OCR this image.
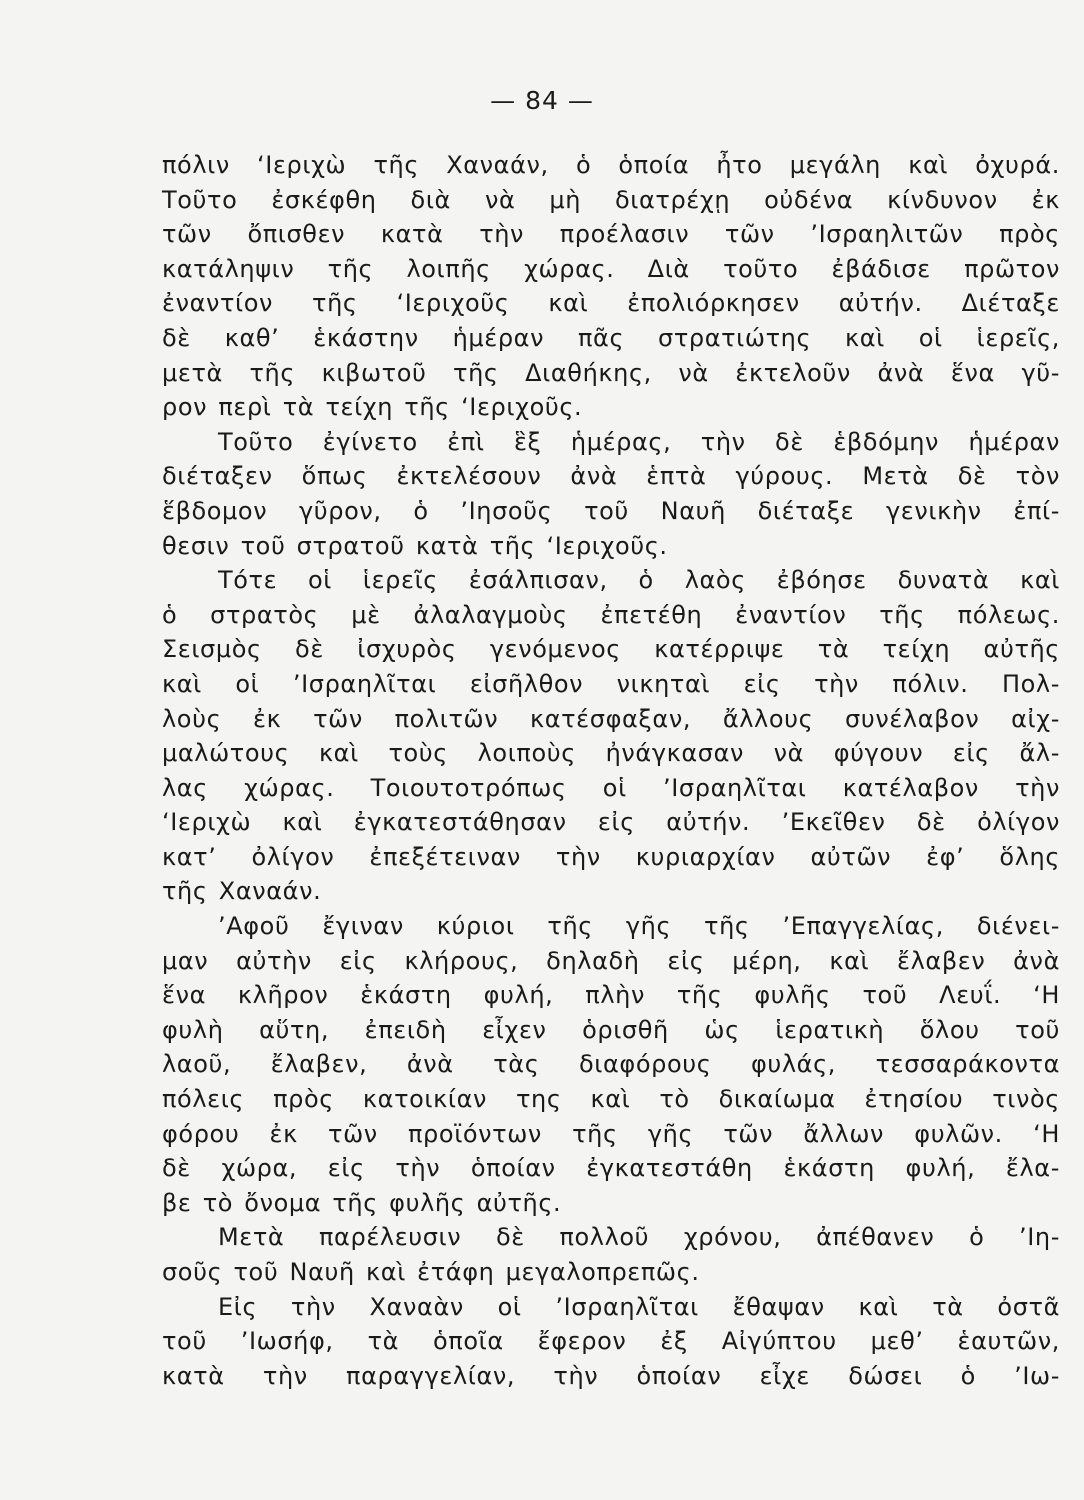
— 84 —

πόλιν ‘Ιεριχὼ τῆς Χαναάν, ὁ ὁποία ἦτο μεγάλη καὶ ὀχυρά.
Τοῦτο ἐσκέφθη διὰ νὰ μὴ διατρέχῃ οὐδένα κίνδυνον ἐκ
τῶν ὄπισθεν κατὰ τὴν προέλασιν τῶν ’Ισραηλιτῶν πρὸς
κατάληψιν τῆς λοιπῆς χώρας. Διὰ τοῦτο ἐβάδισε πρῶτον
ἐναντίον τῆς ‘Ιεριχοῦς καὶ ἐπολιόρκησεν αὐτήν. Διέταξε
δὲ καθ’ ἑκάστην ἡμέραν πᾶς στρατιώτης καὶ οἱ ἱερεῖς,
μετὰ τῆς κιβωτοῦ τῆς Διαθήκης, νὰ ἐκτελοῦν ἀνὰ ἕνα γῦ-
ρον περὶ τὰ τείχη τῆς ‘Ιεριχοῦς.

Τοῦτο ἐγίνετο ἐπὶ ἓξ ἡμέρας, τὴν δὲ ἑβδόμην ἡμέραν
διέταξεν ὅπως ἐκτελέσουν ἀνὰ ἑπτὰ γύρους. Μετὰ δὲ τὸν
ἕβδομον γῦρον, ὁ ’Ιησοῦς τοῦ Ναυῆ διέταξε γενικὴν ἐπί-
θεσιν τοῦ στρατοῦ κατὰ τῆς ‘Ιεριχοῦς.

Τότε οἱ ἱερεῖς ἐσάλπισαν, ὁ λαὸς ἐβόησε δυνατὰ καὶ
ὁ στρατὸς μὲ ἀλαλαγμοὺς ἐπετέθη ἐναντίον τῆς πόλεως.
Σεισμὸς δὲ ἰσχυρὸς γενόμενος κατέρριψε τὰ τείχη αὐτῆς
καὶ οἱ ’Ισραηλῖται εἰσῆλθον νικηταὶ εἰς τὴν πόλιν. Πολ-
λοὺς ἐκ τῶν πολιτῶν κατέσφαξαν, ἄλλους συνέλαβον αἰχ-
μαλώτους καὶ τοὺς λοιποὺς ἠνάγκασαν νὰ φύγουν εἰς ἄλ-
λας χώρας. Τοιουτοτρόπως οἱ ’Ισραηλῖται κατέλαβον τὴν
‘Ιεριχὼ καὶ ἐγκατεστάθησαν εἰς αὐτήν. ’Εκεῖθεν δὲ ὀλίγον
κατ’ ὀλίγον ἐπεξέτειναν τὴν κυριαρχίαν αὐτῶν ἐφ’ ὅλης
τῆς Χαναάν.

’Αφοῦ ἔγιναν κύριοι τῆς γῆς τῆς ’Επαγγελίας, διένει-
μαν αὐτὴν εἰς κλήρους, δηλαδὴ εἰς μέρη, καὶ ἔλαβεν ἀνὰ
ἕνα κλῆρον ἑκάστη φυλή, πλὴν τῆς φυλῆς τοῦ Λευΐ. ‘Η
φυλὴ αὕτη, ἐπειδὴ εἶχεν ὁρισθῆ ὡς ἱερατικὴ ὅλου τοῦ
λαοῦ, ἔλαβεν, ἀνὰ τὰς διαφόρους φυλάς, τεσσαράκοντα
πόλεις πρὸς κατοικίαν της καὶ τὸ δικαίωμα ἐτησίου τινὸς
φόρου ἐκ τῶν προϊόντων τῆς γῆς τῶν ἄλλων φυλῶν. ‘Η
δὲ χώρα, εἰς τὴν ὁποίαν ἐγκατεστάθη ἑκάστη φυλή, ἔλα-
βε τὸ ὄνομα τῆς φυλῆς αὐτῆς.

Μετὰ παρέλευσιν δὲ πολλοῦ χρόνου, ἀπέθανεν ὁ ’Ιη-
σοῦς τοῦ Ναυῆ καὶ ἐτάφη μεγαλοπρεπῶς.

Εἰς τὴν Χαναὰν οἱ ’Ισραηλῖται ἔθαψαν καὶ τὰ ὀστᾶ
τοῦ ’Ιωσήφ, τὰ ὁποῖα ἔφερον ἐξ Αἰγύπτου μεθ’ ἑαυτῶν,
κατὰ τὴν παραγγελίαν, τὴν ὁποίαν εἶχε δώσει ὁ ’Ιω-
